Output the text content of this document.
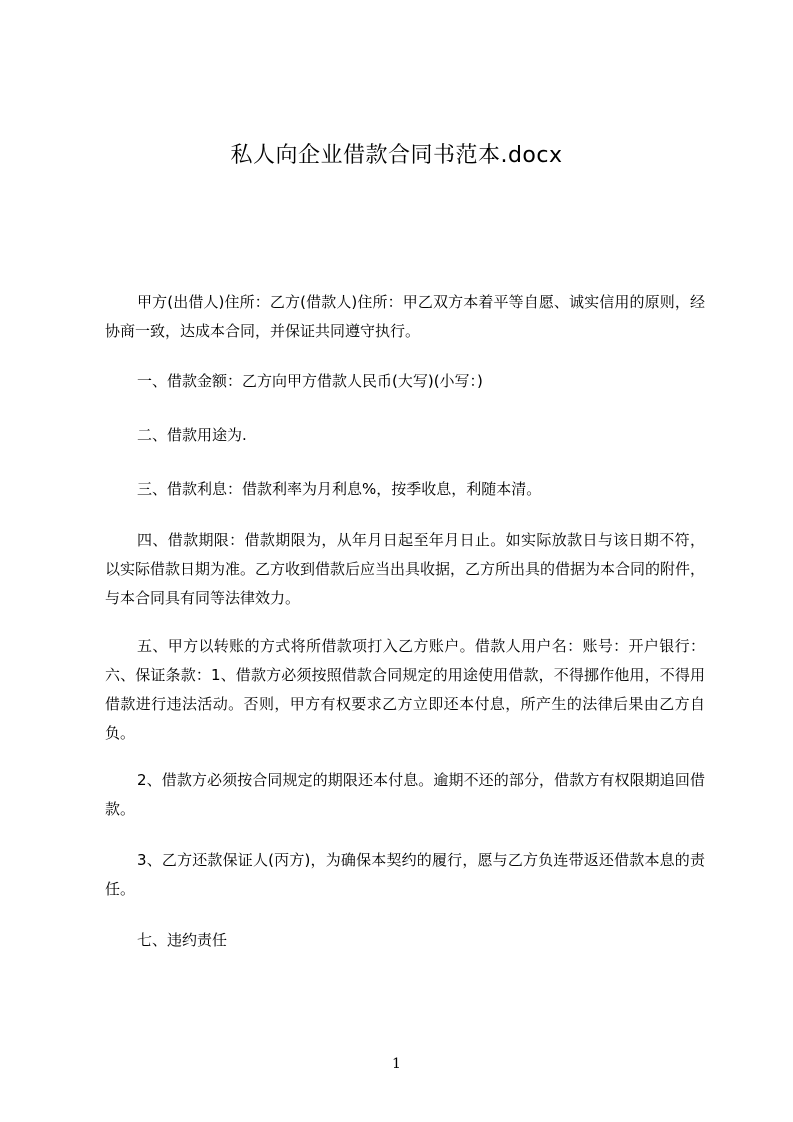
私人向企业借款合同书范本.docx
甲方(出借人)住所：乙方(借款人)住所：甲乙双方本着平等自愿、诚实信用的原则，经协商一致，达成本合同，并保证共同遵守执行。
一、借款金额：乙方向甲方借款人民币(大写)(小写：)
二、借款用途为.
三、借款利息：借款利率为月利息%，按季收息，利随本清。
四、借款期限：借款期限为，从年月日起至年月日止。如实际放款日与该日期不符，以实际借款日期为准。乙方收到借款后应当出具收据，乙方所出具的借据为本合同的附件，与本合同具有同等法律效力。
五、甲方以转账的方式将所借款项打入乙方账户。借款人用户名：账号：开户银行：六、保证条款：1、借款方必须按照借款合同规定的用途使用借款，不得挪作他用，不得用借款进行违法活动。否则，甲方有权要求乙方立即还本付息，所产生的法律后果由乙方自负。
2、借款方必须按合同规定的期限还本付息。逾期不还的部分，借款方有权限期追回借款。
3、乙方还款保证人(丙方)，为确保本契约的履行，愿与乙方负连带返还借款本息的责任。
七、违约责任
1
